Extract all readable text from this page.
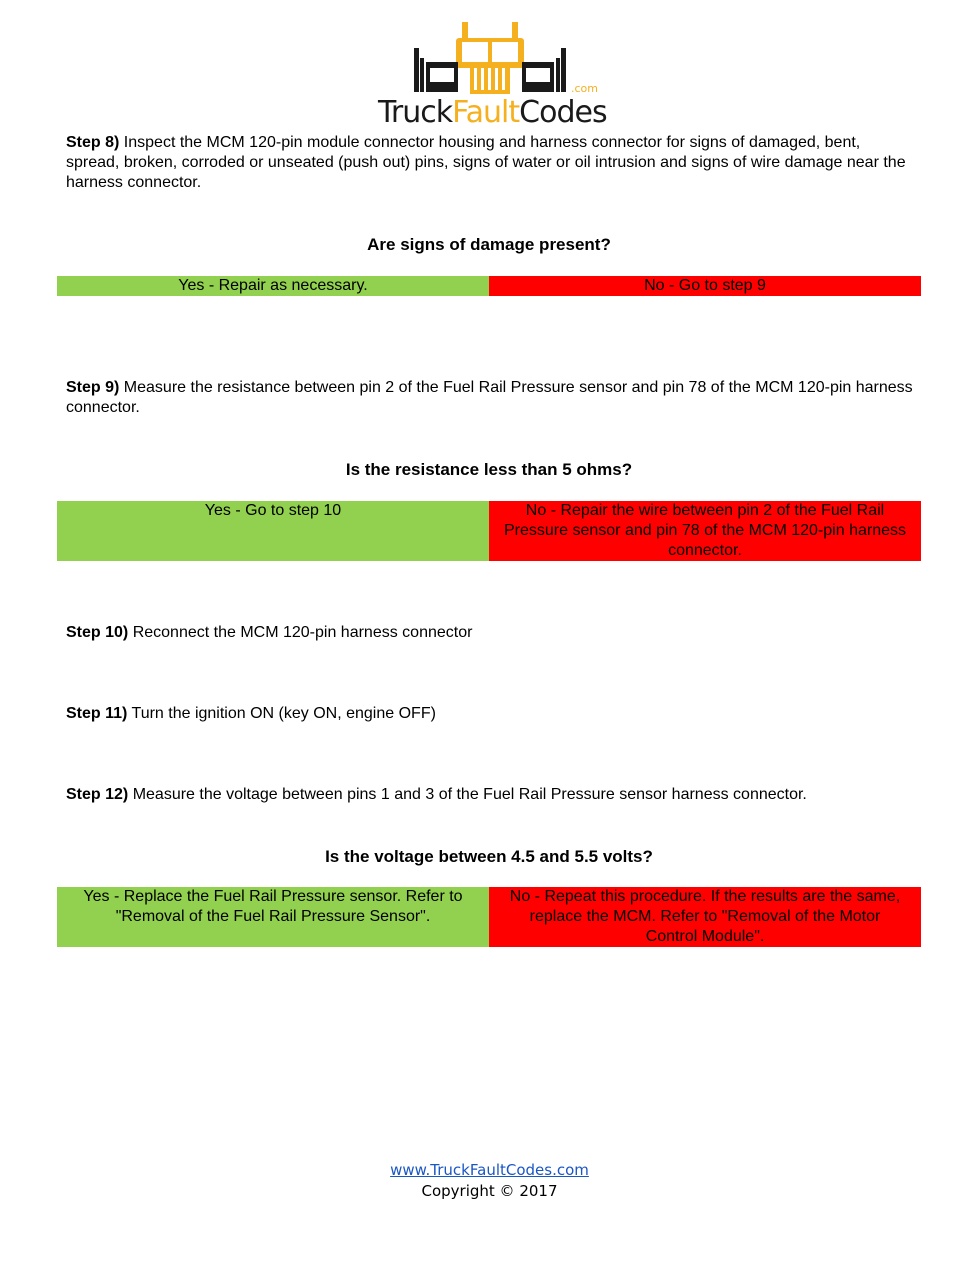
.com
TruckFaultCodes
Step 8) Inspect the MCM 120-pin module connector housing and harness connector for signs of damaged, bent, spread, broken, corroded or unseated (push out) pins, signs of water or oil intrusion and signs of wire damage near the harness connector.
Are signs of damage present?
Yes - Repair as necessary.	No - Go to step 9
Step 9) Measure the resistance between pin 2 of the Fuel Rail Pressure sensor and pin 78 of the MCM 120-pin harness connector.
Is the resistance less than 5 ohms?
Yes - Go to step 10	No - Repair the wire between pin 2 of the Fuel Rail Pressure sensor and pin 78 of the MCM 120-pin harness connector.
Step 10) Reconnect the MCM 120-pin harness connector
Step 11) Turn the ignition ON (key ON, engine OFF)
Step 12) Measure the voltage between pins 1 and 3 of the Fuel Rail Pressure sensor harness connector.
Is the voltage between 4.5 and 5.5 volts?
Yes - Replace the Fuel Rail Pressure sensor. Refer to "Removal of the Fuel Rail Pressure Sensor".
No - Repeat this procedure. If the results are the same, replace the MCM. Refer to "Removal of the Motor Control Module".
www.TruckFaultCodes.com
Copyright © 2017
